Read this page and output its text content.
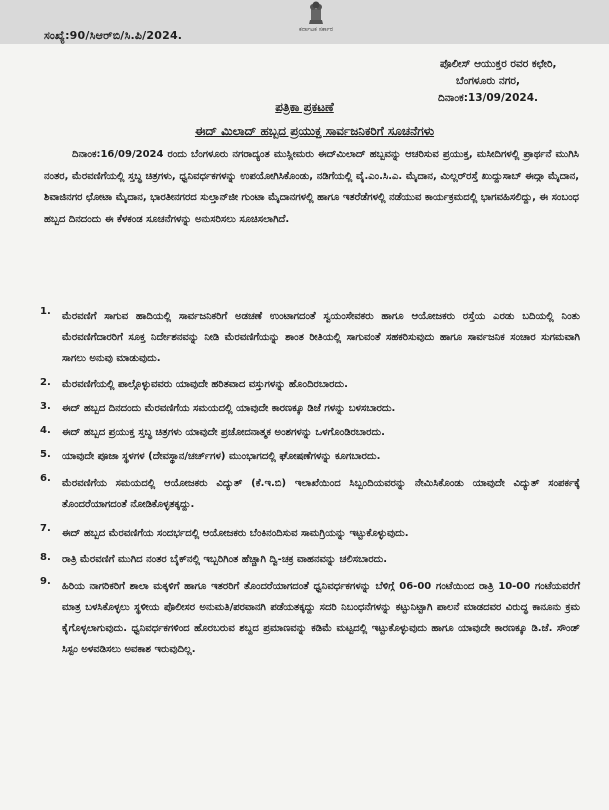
ಸಂಖ್ಯೆ:90/ಸಿಆರ್‌ಬಿ/ಸಿ.ಪಿ/2024.	ಕರ್ನಾಟಕ ಸರ್ಕಾರ
ಪೊಲೀಸ್ ಆಯುಕ್ತರ ರವರ ಕಛೇರಿ,
ಬೆಂಗಳೂರು ನಗರ,
ದಿನಾಂಕ:13/09/2024.
ಪತ್ರಿಕಾ ಪ್ರಕಟಣೆ
ಈದ್ ಮಿಲಾದ್ ಹಬ್ಬದ ಪ್ರಯುಕ್ತ ಸಾರ್ವಜನಿಕರಿಗೆ ಸೂಚನೆಗಳು
ದಿನಾಂಕ:16/09/2024 ರಂದು ಬೆಂಗಳೂರು ನಗರಾದ್ಯಂತ ಮುಸ್ಲೀಮರು ಈದ್‌ಮಿಲಾದ್ ಹಬ್ಬವನ್ನು ಆಚರಿಸುವ ಪ್ರಯುಕ್ತ, ಮಸೀದಿಗಳಲ್ಲಿ ಪ್ರಾರ್ಥನೆ ಮುಗಿಸಿ ನಂತರ, ಮೆರವಣಿಗೆಯಲ್ಲಿ ಸ್ತಬ್ಧ ಚಿತ್ರಗಳು, ಧ್ವನಿವರ್ಧಕಗಳನ್ನು ಉಪಯೋಗಿಸಿಕೊಂಡು, ನಡಿಗೆಯಲ್ಲಿ ವೈ.ಎಂ.ಸಿ.ಎ. ಮೈದಾನ, ಮಿಲ್ಲರ್‌ರಸ್ತೆ ಖುದ್ದುಸಾಬ್ ಈದ್ಗಾ ಮೈದಾನ, ಶಿವಾಜಿನಗರ ಛೋಟಾ ಮೈದಾನ, ಭಾರತೀನಗರದ ಸುಲ್ತಾನ್‌ಜೀ ಗುಂಟಾ ಮೈದಾನಗಳಲ್ಲಿ ಹಾಗೂ ಇತರೆಡೆಗಳಲ್ಲಿ ನಡೆಯುವ ಕಾರ್ಯಕ್ರಮದಲ್ಲಿ ಭಾಗವಹಿಸಲಿದ್ದು, ಈ ಸಂಬಂಧ ಹಬ್ಬದ ದಿನದಂದು ಈ ಕೆಳಕಂಡ ಸೂಚನೆಗಳನ್ನು ಅನುಸರಿಸಲು ಸೂಚಿಸಲಾಗಿದೆ.
1.	ಮೆರವಣಿಗೆ ಸಾಗುವ ಹಾದಿಯಲ್ಲಿ ಸಾರ್ವಜನಿಕರಿಗೆ ಅಡಚಣೆ ಉಂಟಾಗದಂತೆ ಸ್ವಯಂಸೇವಕರು ಹಾಗೂ ಆಯೋಜಕರು ರಸ್ತೆಯ ಎರಡು ಬದಿಯಲ್ಲಿ ನಿಂತು ಮೆರವಣಿಗೆದಾರರಿಗೆ ಸೂಕ್ತ ನಿರ್ದೇಶನವನ್ನು ನೀಡಿ ಮೆರವಣಿಗೆಯನ್ನು ಶಾಂತ ರೀತಿಯಲ್ಲಿ ಸಾಗುವಂತೆ ಸಹಕರಿಸುವುದು ಹಾಗೂ ಸಾರ್ವಜನಿಕ ಸಂಚಾರ ಸುಗಮವಾಗಿ ಸಾಗಲು ಅನುವು ಮಾಡುವುದು.
2.	ಮೆರವಣಿಗೆಯಲ್ಲಿ ಪಾಲ್ಗೊಳ್ಳುವವರು ಯಾವುದೇ ಹರಿತವಾದ ವಸ್ತುಗಳನ್ನು ಹೊಂದಿರಬಾರದು.
3.	ಈದ್ ಹಬ್ಬದ ದಿನದಂದು ಮೆರವಣಿಗೆಯ ಸಮಯದಲ್ಲಿ ಯಾವುದೇ ಕಾರಣಕ್ಕೂ ಡಿಜೆ ಗಳನ್ನು ಬಳಸಬಾರದು.
4.	ಈದ್ ಹಬ್ಬದ ಪ್ರಯುಕ್ತ ಸ್ತಬ್ಧ ಚಿತ್ರಗಳು ಯಾವುದೇ ಪ್ರಚೋದನಾತ್ಮಕ ಅಂಶಗಳನ್ನು ಒಳಗೊಂಡಿರಬಾರದು.
5.	ಯಾವುದೇ ಪೂಜಾ ಸ್ಥಳಗಳ (ದೇವಸ್ಥಾನ/ಚರ್ಚ್‌ಗಳ) ಮುಂಭಾಗದಲ್ಲಿ ಘೋಷಣೆಗಳನ್ನು ಕೂಗಬಾರದು.
6.	ಮೆರವಣಿಗೆಯ ಸಮಯದಲ್ಲಿ ಆಯೋಜಕರು ವಿದ್ಯುತ್ (ಕೆ.ಇ.ಬಿ) ಇಲಾಖೆಯಿಂದ ಸಿಬ್ಬಂದಿಯವರನ್ನು ನೇಮಿಸಿಕೊಂಡು ಯಾವುದೇ ವಿದ್ಯುತ್ ಸಂಪರ್ಕಕ್ಕೆ ತೊಂದರೆಯಾಗದಂತೆ ನೋಡಿಕೊಳ್ಳತಕ್ಕದ್ದು.
7.	ಈದ್ ಹಬ್ಬದ ಮೆರವಣಿಗೆಯ ಸಂದರ್ಭದಲ್ಲಿ ಆಯೋಜಕರು ಬೆಂಕಿನಂದಿಸುವ ಸಾಮಗ್ರಿಯನ್ನು ಇಟ್ಟುಕೊಳ್ಳುವುದು.
8.	ರಾತ್ರಿ ಮೆರವಣಿಗೆ ಮುಗಿದ ನಂತರ ಬೈಕ್‌ನಲ್ಲಿ ಇಬ್ಬರಿಗಿಂತ ಹೆಚ್ಚಾಗಿ ದ್ವಿ-ಚಕ್ರ ವಾಹನವನ್ನು ಚಲಿಸಬಾರದು.
9.	ಹಿರಿಯ ನಾಗರಿಕರಿಗೆ ಶಾಲಾ ಮಕ್ಕಳಿಗೆ ಹಾಗೂ ಇತರರಿಗೆ ತೊಂದರೆಯಾಗದಂತೆ ಧ್ವನಿವರ್ಧಕಗಳನ್ನು ಬೆಳಿಗ್ಗೆ 06-00 ಗಂಟೆಯಿಂದ ರಾತ್ರಿ 10-00 ಗಂಟೆಯವರೆಗೆ ಮಾತ್ರ ಬಳಸಿಕೊಳ್ಳಲು ಸ್ಥಳೀಯ ಪೊಲೀಸರ ಅನುಮತಿ/ಪರವಾನಗಿ ಪಡೆಯತಕ್ಕದ್ದು ಸದರಿ ನಿಬಂಧನೆಗಳನ್ನು ಕಟ್ಟುನಿಟ್ಟಾಗಿ ಪಾಲನೆ ಮಾಡದವರ ವಿರುದ್ಧ ಕಾನೂನು ಕ್ರಮ ಕೈಗೊಳ್ಳಲಾಗುವುದು. ಧ್ವನಿವರ್ಧಕಗಳಿಂದ ಹೊರಬರುವ ಶಬ್ದದ ಪ್ರಮಾಣವನ್ನು ಕಡಿಮೆ ಮಟ್ಟದಲ್ಲಿ ಇಟ್ಟುಕೊಳ್ಳುವುದು ಹಾಗೂ ಯಾವುದೇ ಕಾರಣಕ್ಕೂ ಡಿ.ಜೆ. ಸೌಂಡ್ ಸಿಸ್ಟಂ ಅಳವಡಿಸಲು ಅವಕಾಶ ಇರುವುದಿಲ್ಲ.
